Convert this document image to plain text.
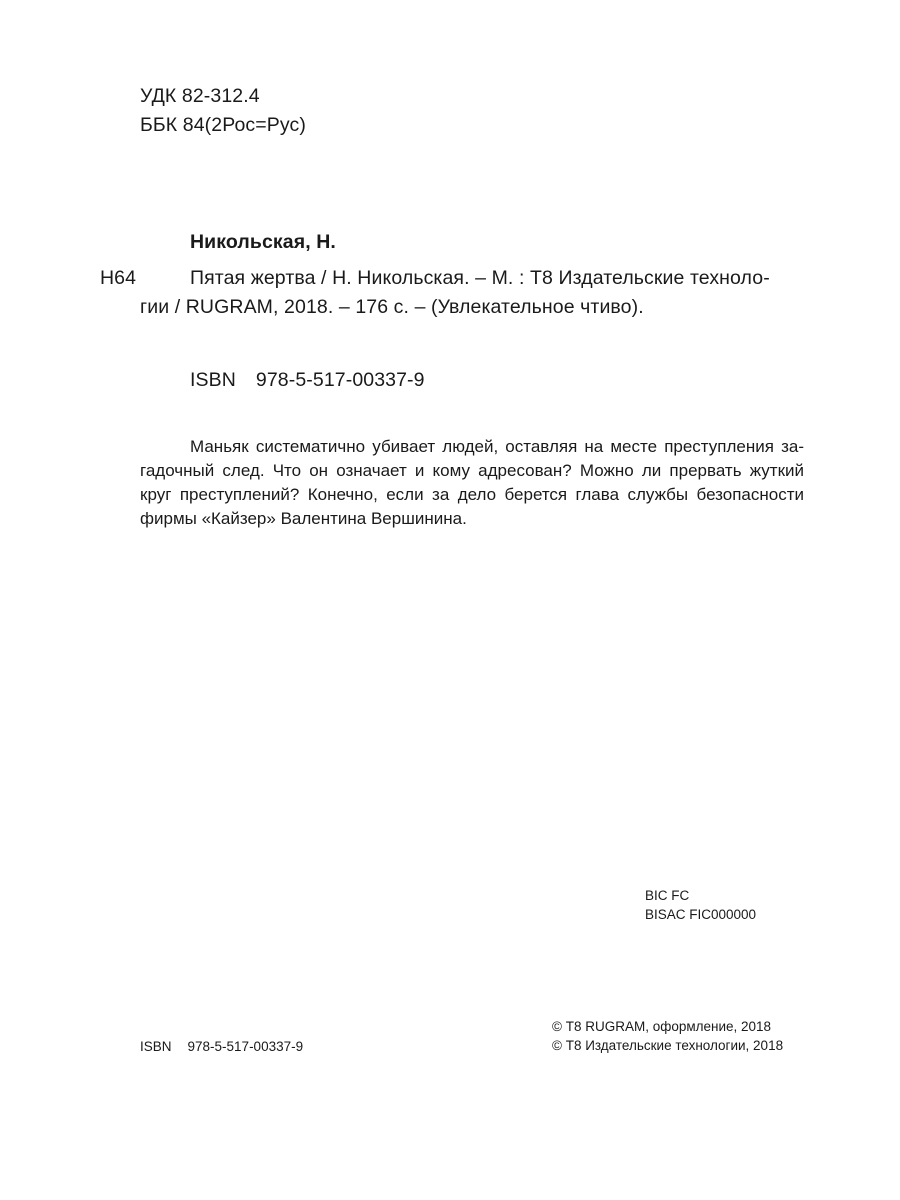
УДК 82-312.4
ББК 84(2Рос=Рус)
Никольская, Н.
Н64	Пятая жертва / Н. Никольская. – М. : Т8 Издательские техноло-
гии / RUGRAM, 2018. – 176 с. – (Увлекательное чтиво).
ISBN 978-5-517-00337-9
Маньяк систематично убивает людей, оставляя на месте преступления за-
гадочный след. Что он означает и кому адресован? Можно ли прервать жуткий
круг преступлений? Конечно, если за дело берется глава службы безопасности
фирмы «Кайзер» Валентина Вершинина.
BIC FC
BISAC FIC000000
© Т8 RUGRAM, оформление, 2018
© Т8 Издательские технологии, 2018
ISBN 978-5-517-00337-9
